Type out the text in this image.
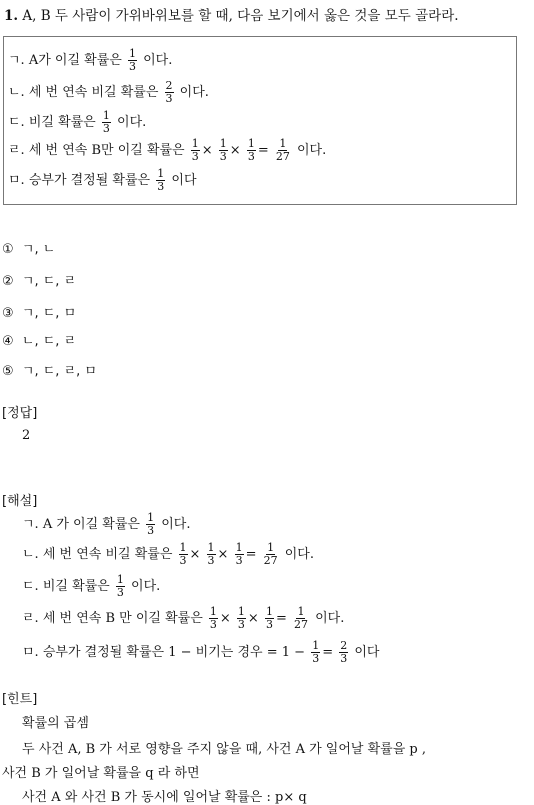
1. A, B 두 사람이 가위바위보를 할 때, 다음 보기에서 옳은 것을 모두 골라라.
ㄱ. A가 이길 확률은 $\frac{1}{3}$ 이다.
ㄴ. 세 번 연속 비길 확률은 $\frac{2}{3}$ 이다.
ㄷ. 비길 확률은 $\frac{1}{3}$ 이다.
ㄹ. 세 번 연속 B만 이길 확률은 $\frac{1}{3} \times \frac{1}{3} \times \frac{1}{3} = \frac{1}{27}$ 이다.
ㅁ. 승부가 결정될 확률은 $\frac{1}{3}$ 이다
① ㄱ, ㄴ
② ㄱ, ㄷ, ㄹ
③ ㄱ, ㄷ, ㅁ
④ ㄴ, ㄷ, ㄹ
⑤ ㄱ, ㄷ, ㄹ, ㅁ
[정답]
2
[해설]
ㄱ. A 가 이길 확률은 $\frac{1}{3}$ 이다.
ㄴ. 세 번 연속 비길 확률은 $\frac{1}{3} \times \frac{1}{3} \times \frac{1}{3} = \frac{1}{27}$ 이다.
ㄷ. 비길 확률은 $\frac{1}{3}$ 이다.
ㄹ. 세 번 연속 B 만 이길 확률은 $\frac{1}{3} \times \frac{1}{3} \times \frac{1}{3} = \frac{1}{27}$ 이다.
ㅁ. 승부가 결정될 확률은 1 − 비기는 경우 = $1 - \frac{1}{3} = \frac{2}{3}$ 이다
[힌트]
확률의 곱셈
두 사건 A, B 가 서로 영향을 주지 않을 때, 사건 A 가 일어날 확률을 p ,
사건 B 가 일어날 확률을 q 라 하면
사건 A 와 사건 B 가 동시에 일어날 확률은 : p× q
